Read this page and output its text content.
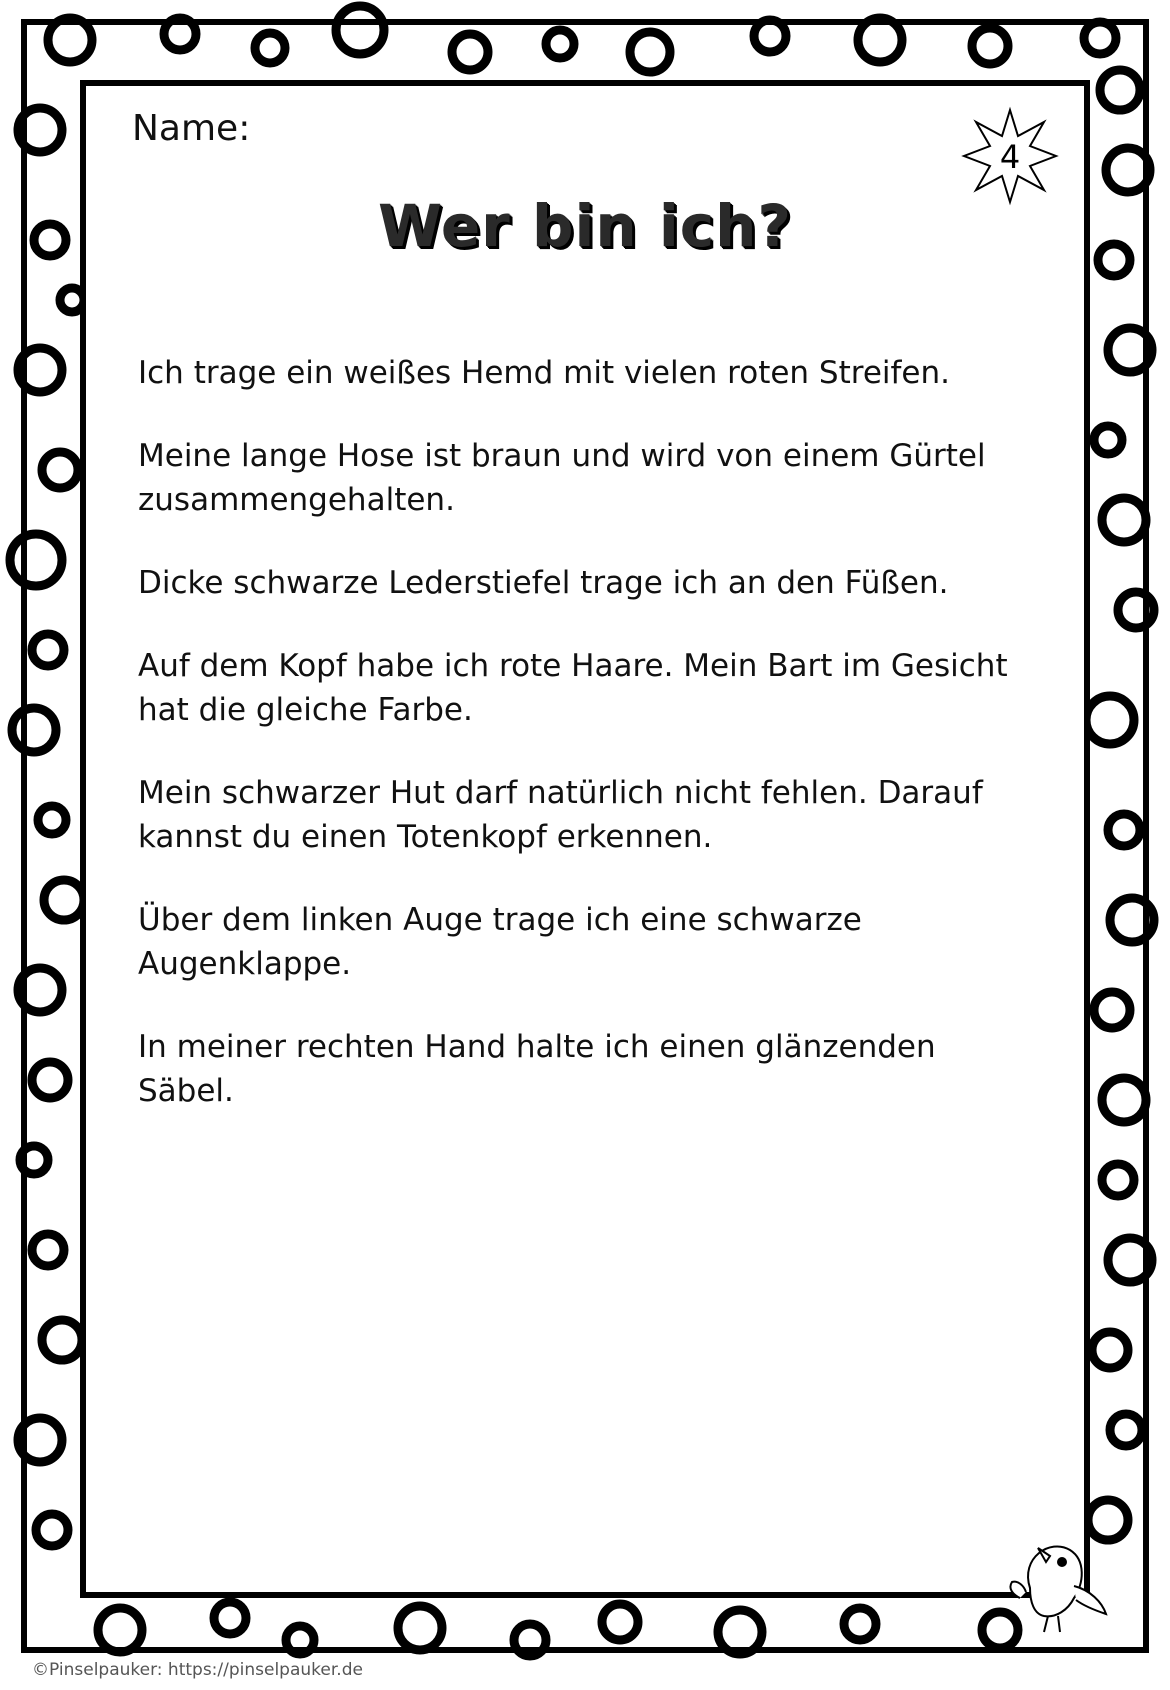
Name:
4
Wer bin ich?
Ich trage ein weißes Hemd mit vielen roten Streifen.
Meine lange Hose ist braun und wird von einem Gürtel zusammengehalten.
Dicke schwarze Lederstiefel trage ich an den Füßen.
Auf dem Kopf habe ich rote Haare. Mein Bart im Gesicht hat die gleiche Farbe.
Mein schwarzer Hut darf natürlich nicht fehlen. Darauf kannst du einen Totenkopf erkennen.
Über dem linken Auge trage ich eine schwarze Augenklappe.
In meiner rechten Hand halte ich einen glänzenden Säbel.
©Pinselpauker: https://pinselpauker.de
